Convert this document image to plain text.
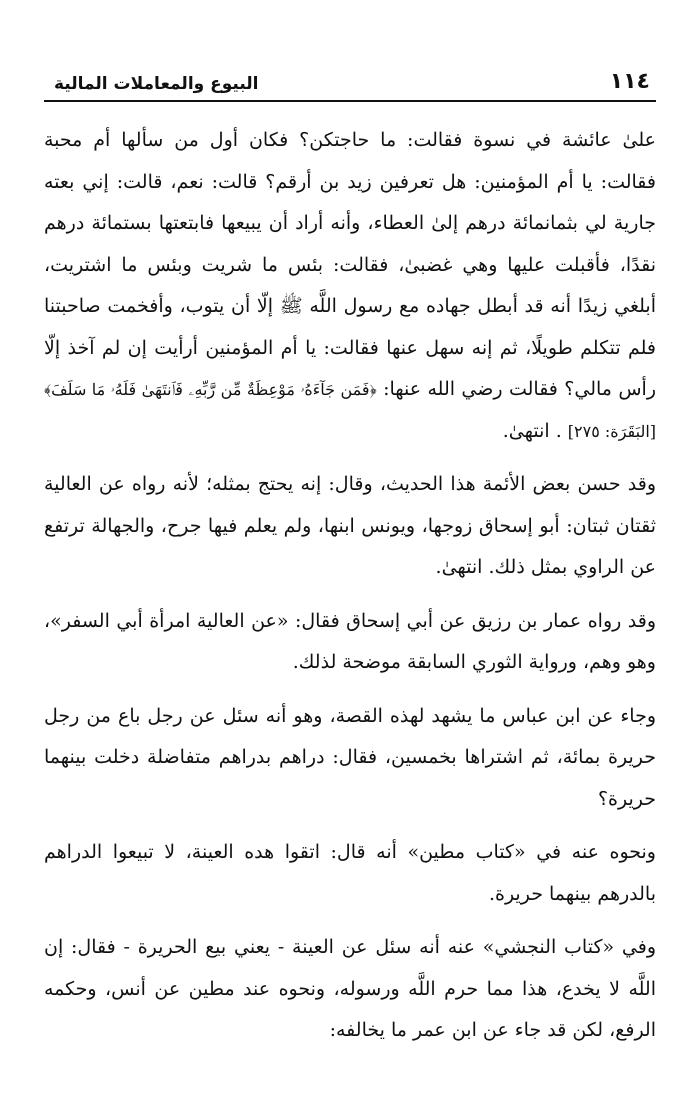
١١٤
البيوع والمعاملات المالية

علىٰ عائشة في نسوة فقالت: ما حاجتكن؟ فكان أول من سألها أم محبة فقالت: يا أم المؤمنين: هل تعرفين زيد بن أرقم؟ قالت: نعم، قالت: إني بعته جارية لي بثمانمائة درهم إلىٰ العطاء، وأنه أراد أن يبيعها فابتعتها بستمائة درهم نقدًا، فأقبلت عليها وهي غضبىٰ، فقالت: بئس ما شريت وبئس ما اشتريت، أبلغي زيدًا أنه قد أبطل جهاده مع رسول اللَّه ﷺ إلّا أن يتوب، وأفخمت صاحبتنا فلم تتكلم طويلًا، ثم إنه سهل عنها فقالت: يا أم المؤمنين أرأيت إن لم آخذ إلّا رأس مالي؟ فقالت رضي الله عنها: ﴿فَمَن جَآءَهُۥ مَوْعِظَةٌ مِّن رَّبِّهِۦ فَٱنتَهَىٰ فَلَهُۥ مَا سَلَفَ﴾ [البَقَرَة: ٢٧٥] . انتهىٰ.

وقد حسن بعض الأئمة هذا الحديث، وقال: إنه يحتج بمثله؛ لأنه رواه عن العالية ثقتان ثبتان: أبو إسحاق زوجها، ويونس ابنها، ولم يعلم فيها جرح، والجهالة ترتفع عن الراوي بمثل ذلك. انتهىٰ.

وقد رواه عمار بن رزيق عن أبي إسحاق فقال: «عن العالية امرأة أبي السفر»، وهو وهم، ورواية الثوري السابقة موضحة لذلك.

وجاء عن ابن عباس ما يشهد لهذه القصة، وهو أنه سئل عن رجل باع من رجل حريرة بمائة، ثم اشتراها بخمسين، فقال: دراهم بدراهم متفاضلة دخلت بينهما حريرة؟

ونحوه عنه في «كتاب مطين» أنه قال: اتقوا هده العينة، لا تبيعوا الدراهم بالدرهم بينهما حريرة.

وفي «كتاب النجشي» عنه أنه سئل عن العينة - يعني بيع الحريرة - فقال: إن اللَّه لا يخدع، هذا مما حرم اللَّه ورسوله، ونحوه عند مطين عن أنس، وحكمه الرفع، لكن قد جاء عن ابن عمر ما يخالفه:
